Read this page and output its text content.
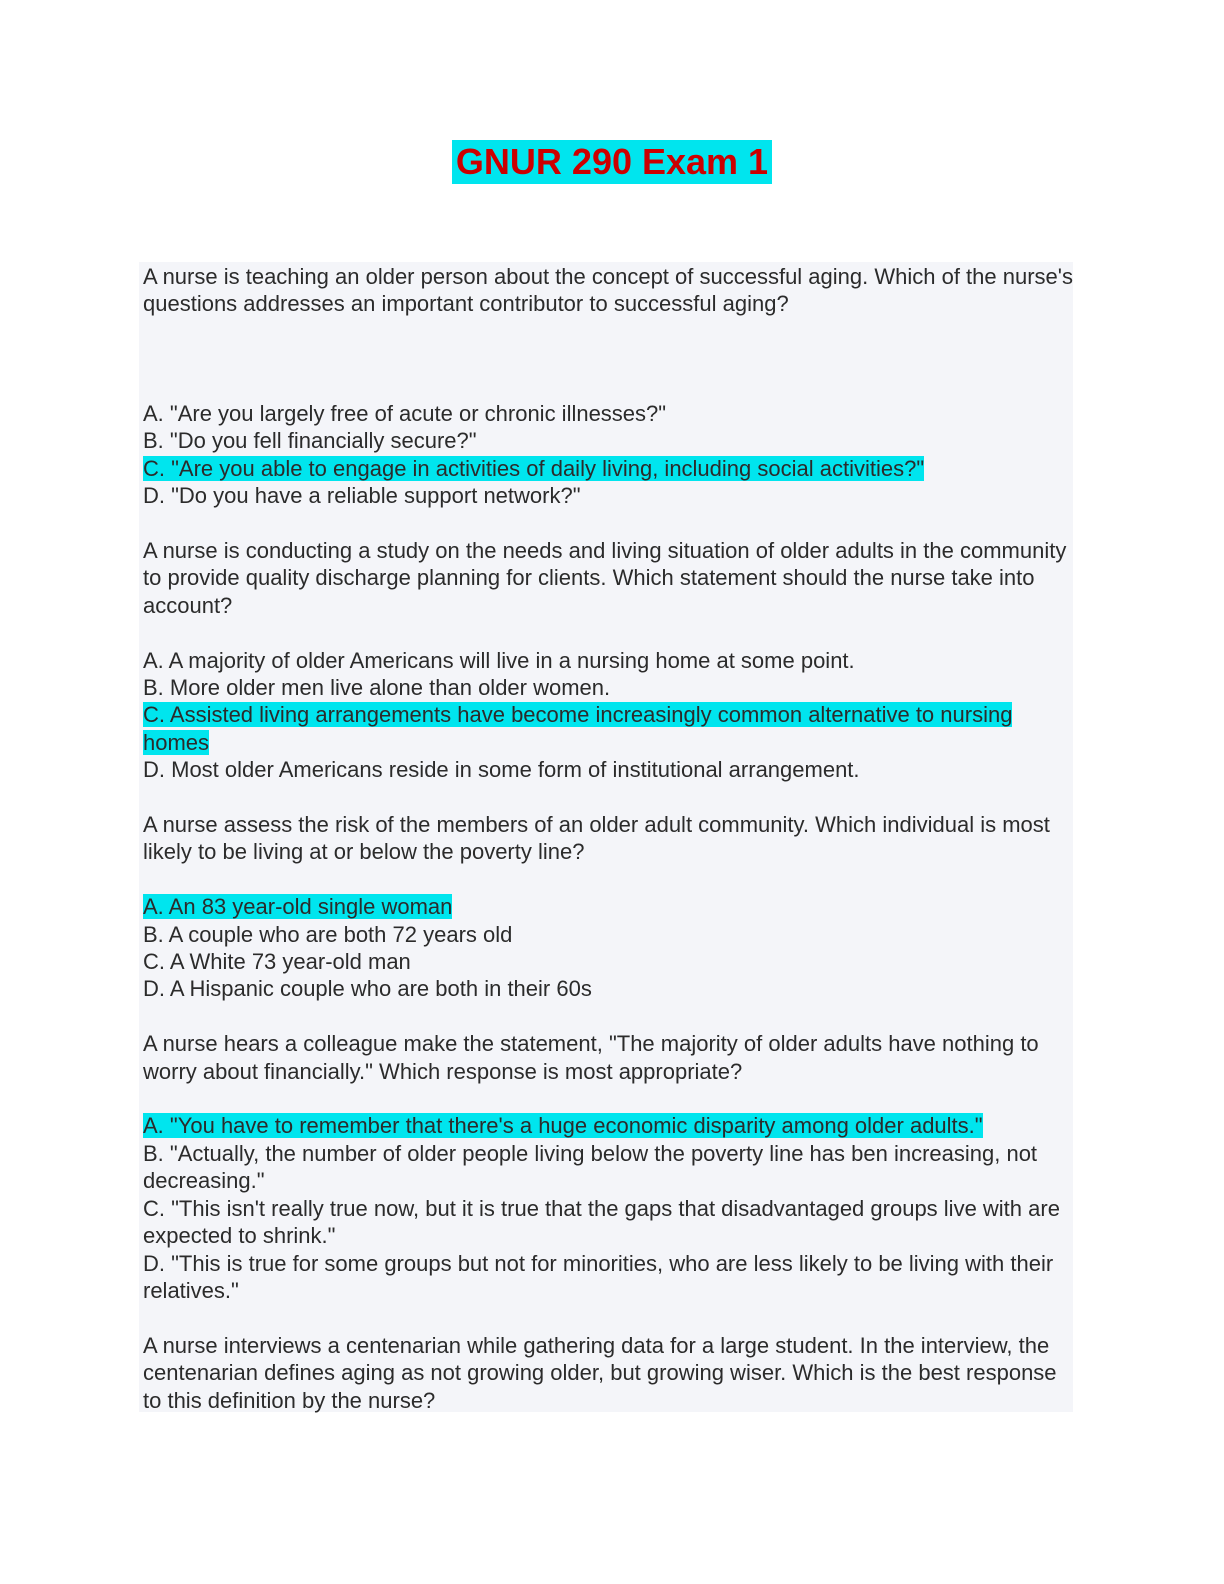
GNUR 290 Exam 1
A nurse is teaching an older person about the concept of successful aging. Which of the nurse's questions addresses an important contributor to successful aging?
A. "Are you largely free of acute or chronic illnesses?"
B. "Do you fell financially secure?"
C. "Are you able to engage in activities of daily living, including social activities?"
D. "Do you have a reliable support network?"
A nurse is conducting a study on the needs and living situation of older adults in the community to provide quality discharge planning for clients. Which statement should the nurse take into account?
A. A majority of older Americans will live in a nursing home at some point.
B. More older men live alone than older women.
C. Assisted living arrangements have become increasingly common alternative to nursing homes
D. Most older Americans reside in some form of institutional arrangement.
A nurse assess the risk of the members of an older adult community. Which individual is most likely to be living at or below the poverty line?
A. An 83 year-old single woman
B. A couple who are both 72 years old
C. A White 73 year-old man
D. A Hispanic couple who are both in their 60s
A nurse hears a colleague make the statement, "The majority of older adults have nothing to worry about financially." Which response is most appropriate?
A. "You have to remember that there's a huge economic disparity among older adults."
B. "Actually, the number of older people living below the poverty line has ben increasing, not decreasing."
C. "This isn't really true now, but it is true that the gaps that disadvantaged groups live with are expected to shrink."
D. "This is true for some groups but not for minorities, who are less likely to be living with their relatives."
A nurse interviews a centenarian while gathering data for a large student. In the interview, the centenarian defines aging as not growing older, but growing wiser. Which is the best response to this definition by the nurse?
